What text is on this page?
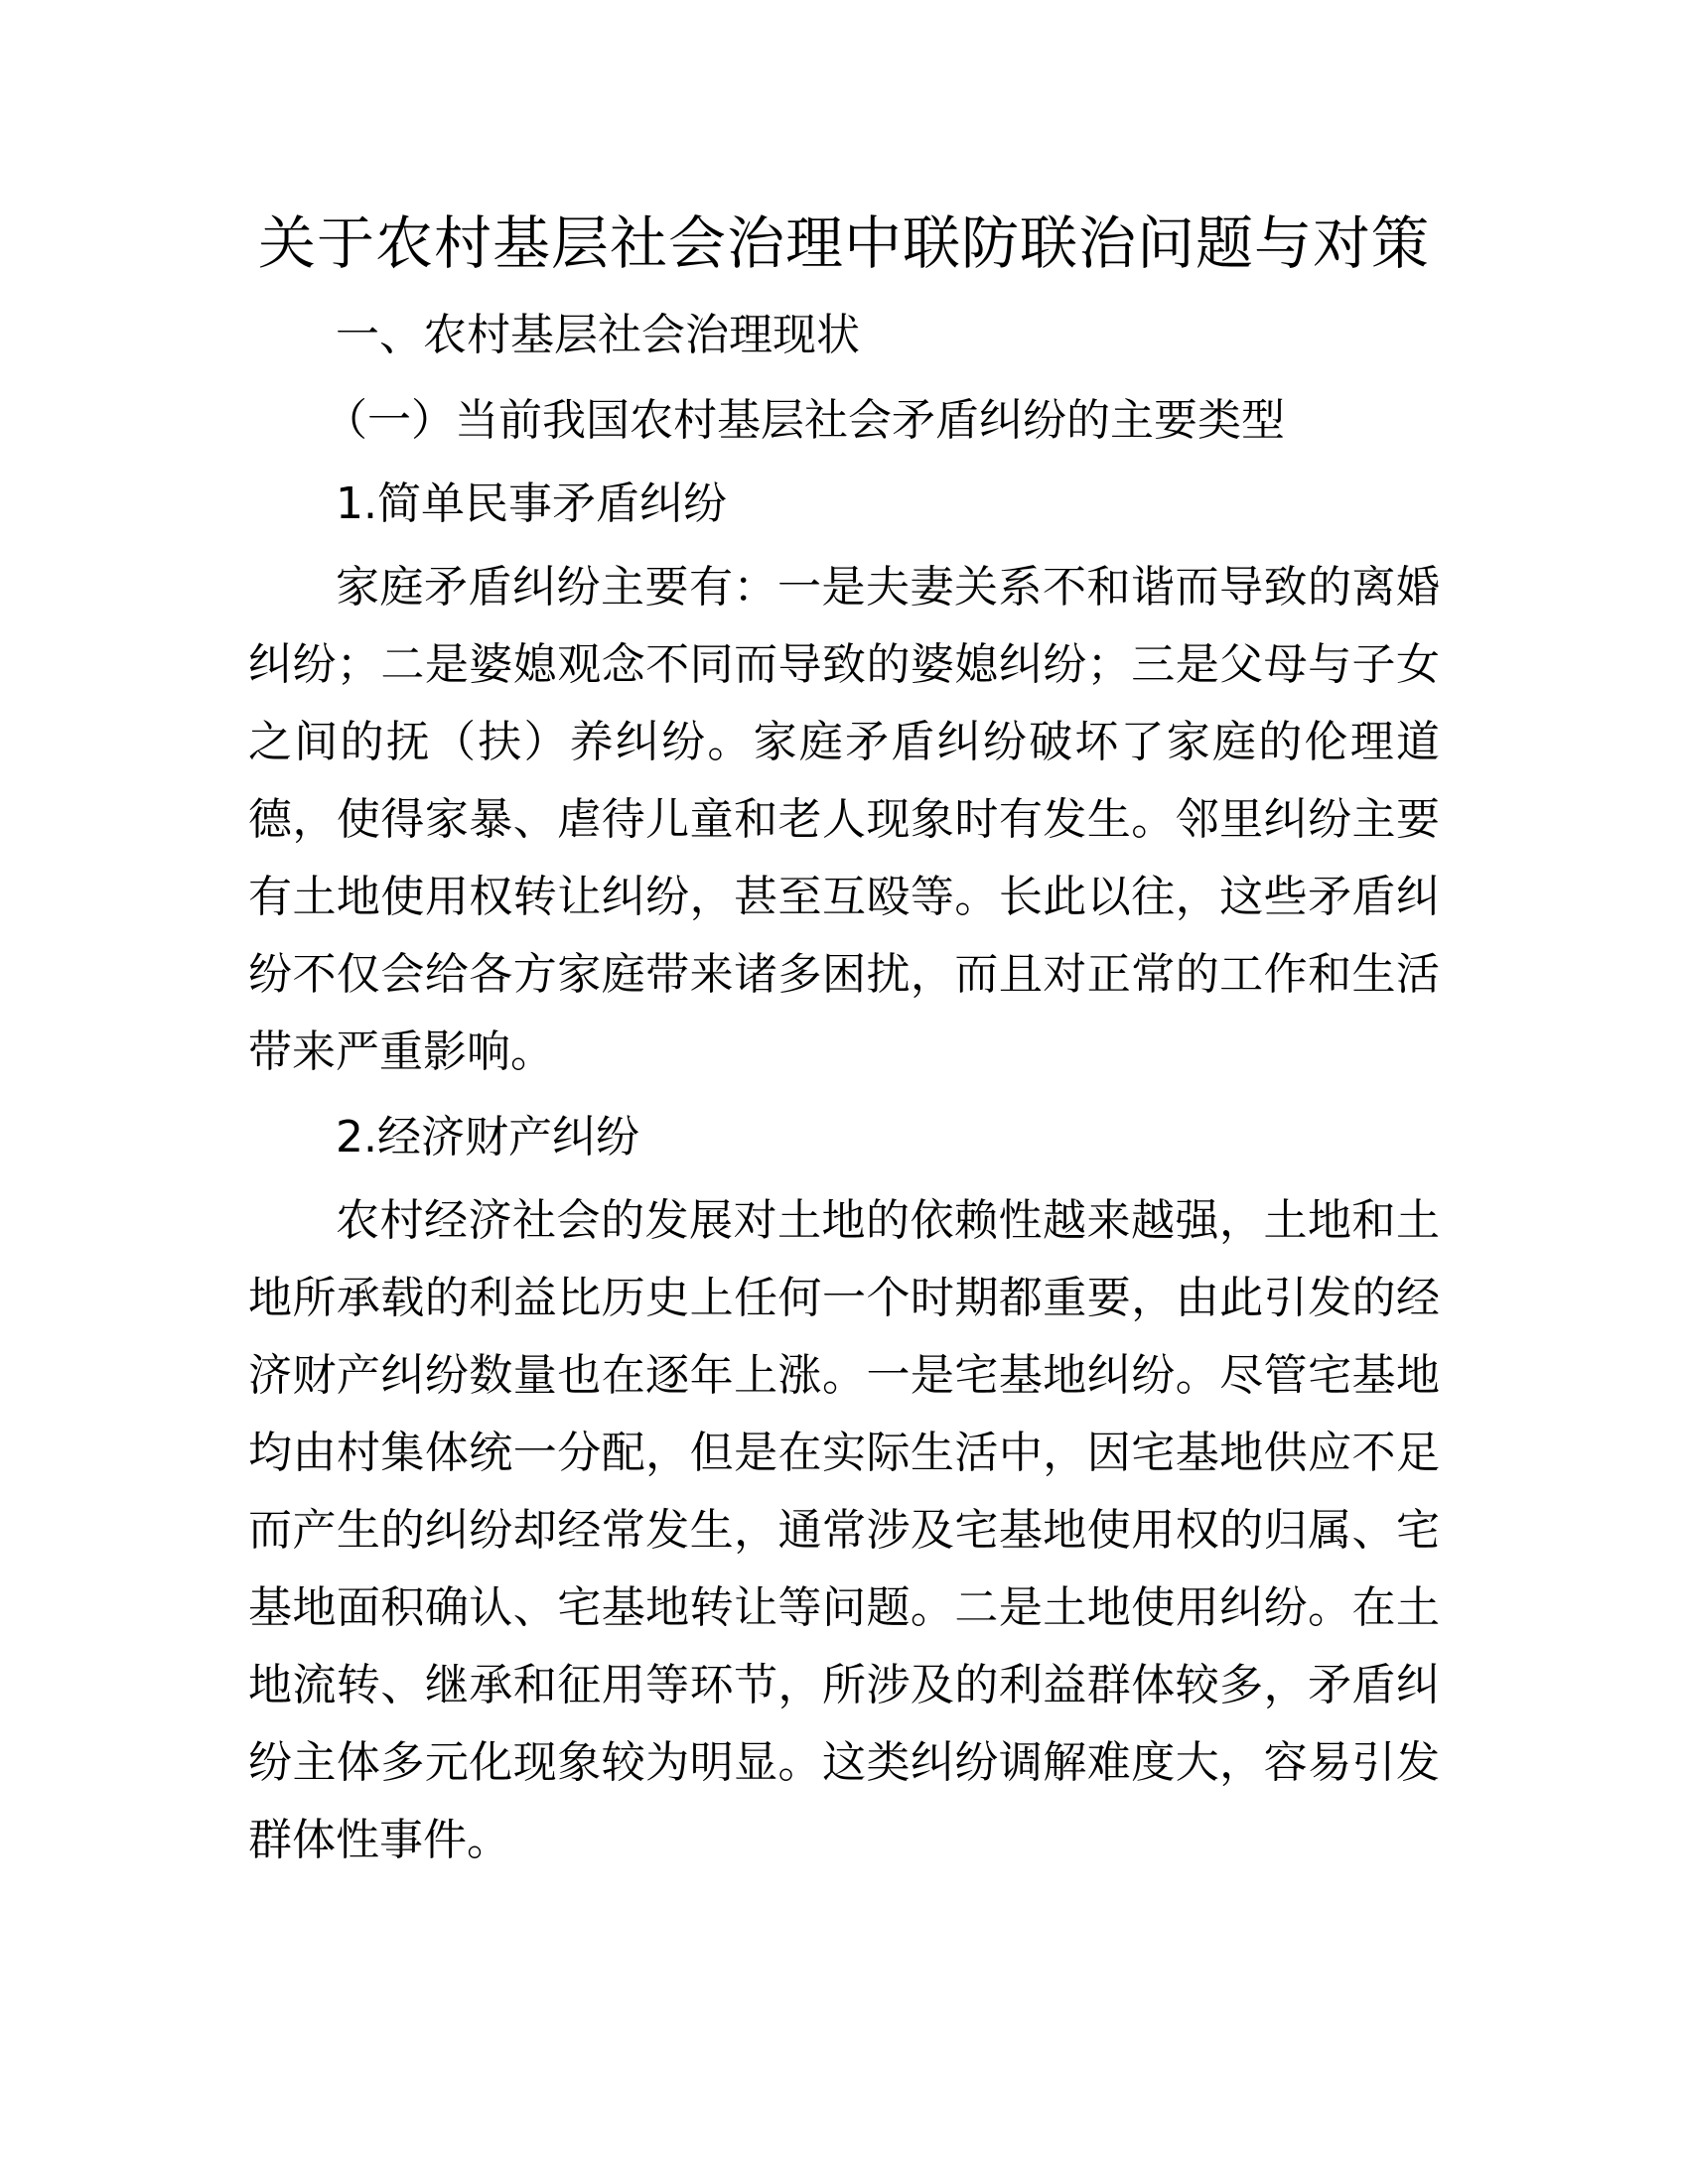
关于农村基层社会治理中联防联治问题与对策

一、农村基层社会治理现状

（一）当前我国农村基层社会矛盾纠纷的主要类型

1.简单民事矛盾纠纷

家庭矛盾纠纷主要有：一是夫妻关系不和谐而导致的离婚

纠纷；二是婆媳观念不同而导致的婆媳纠纷；三是父母与子女

之间的抚（扶）养纠纷。家庭矛盾纠纷破坏了家庭的伦理道

德，使得家暴、虐待儿童和老人现象时有发生。邻里纠纷主要

有土地使用权转让纠纷，甚至互殴等。长此以往，这些矛盾纠

纷不仅会给各方家庭带来诸多困扰，而且对正常的工作和生活

带来严重影响。

2.经济财产纠纷

农村经济社会的发展对土地的依赖性越来越强，土地和土

地所承载的利益比历史上任何一个时期都重要，由此引发的经

济财产纠纷数量也在逐年上涨。一是宅基地纠纷。尽管宅基地

均由村集体统一分配，但是在实际生活中，因宅基地供应不足

而产生的纠纷却经常发生，通常涉及宅基地使用权的归属、宅

基地面积确认、宅基地转让等问题。二是土地使用纠纷。在土

地流转、继承和征用等环节，所涉及的利益群体较多，矛盾纠

纷主体多元化现象较为明显。这类纠纷调解难度大，容易引发

群体性事件。
